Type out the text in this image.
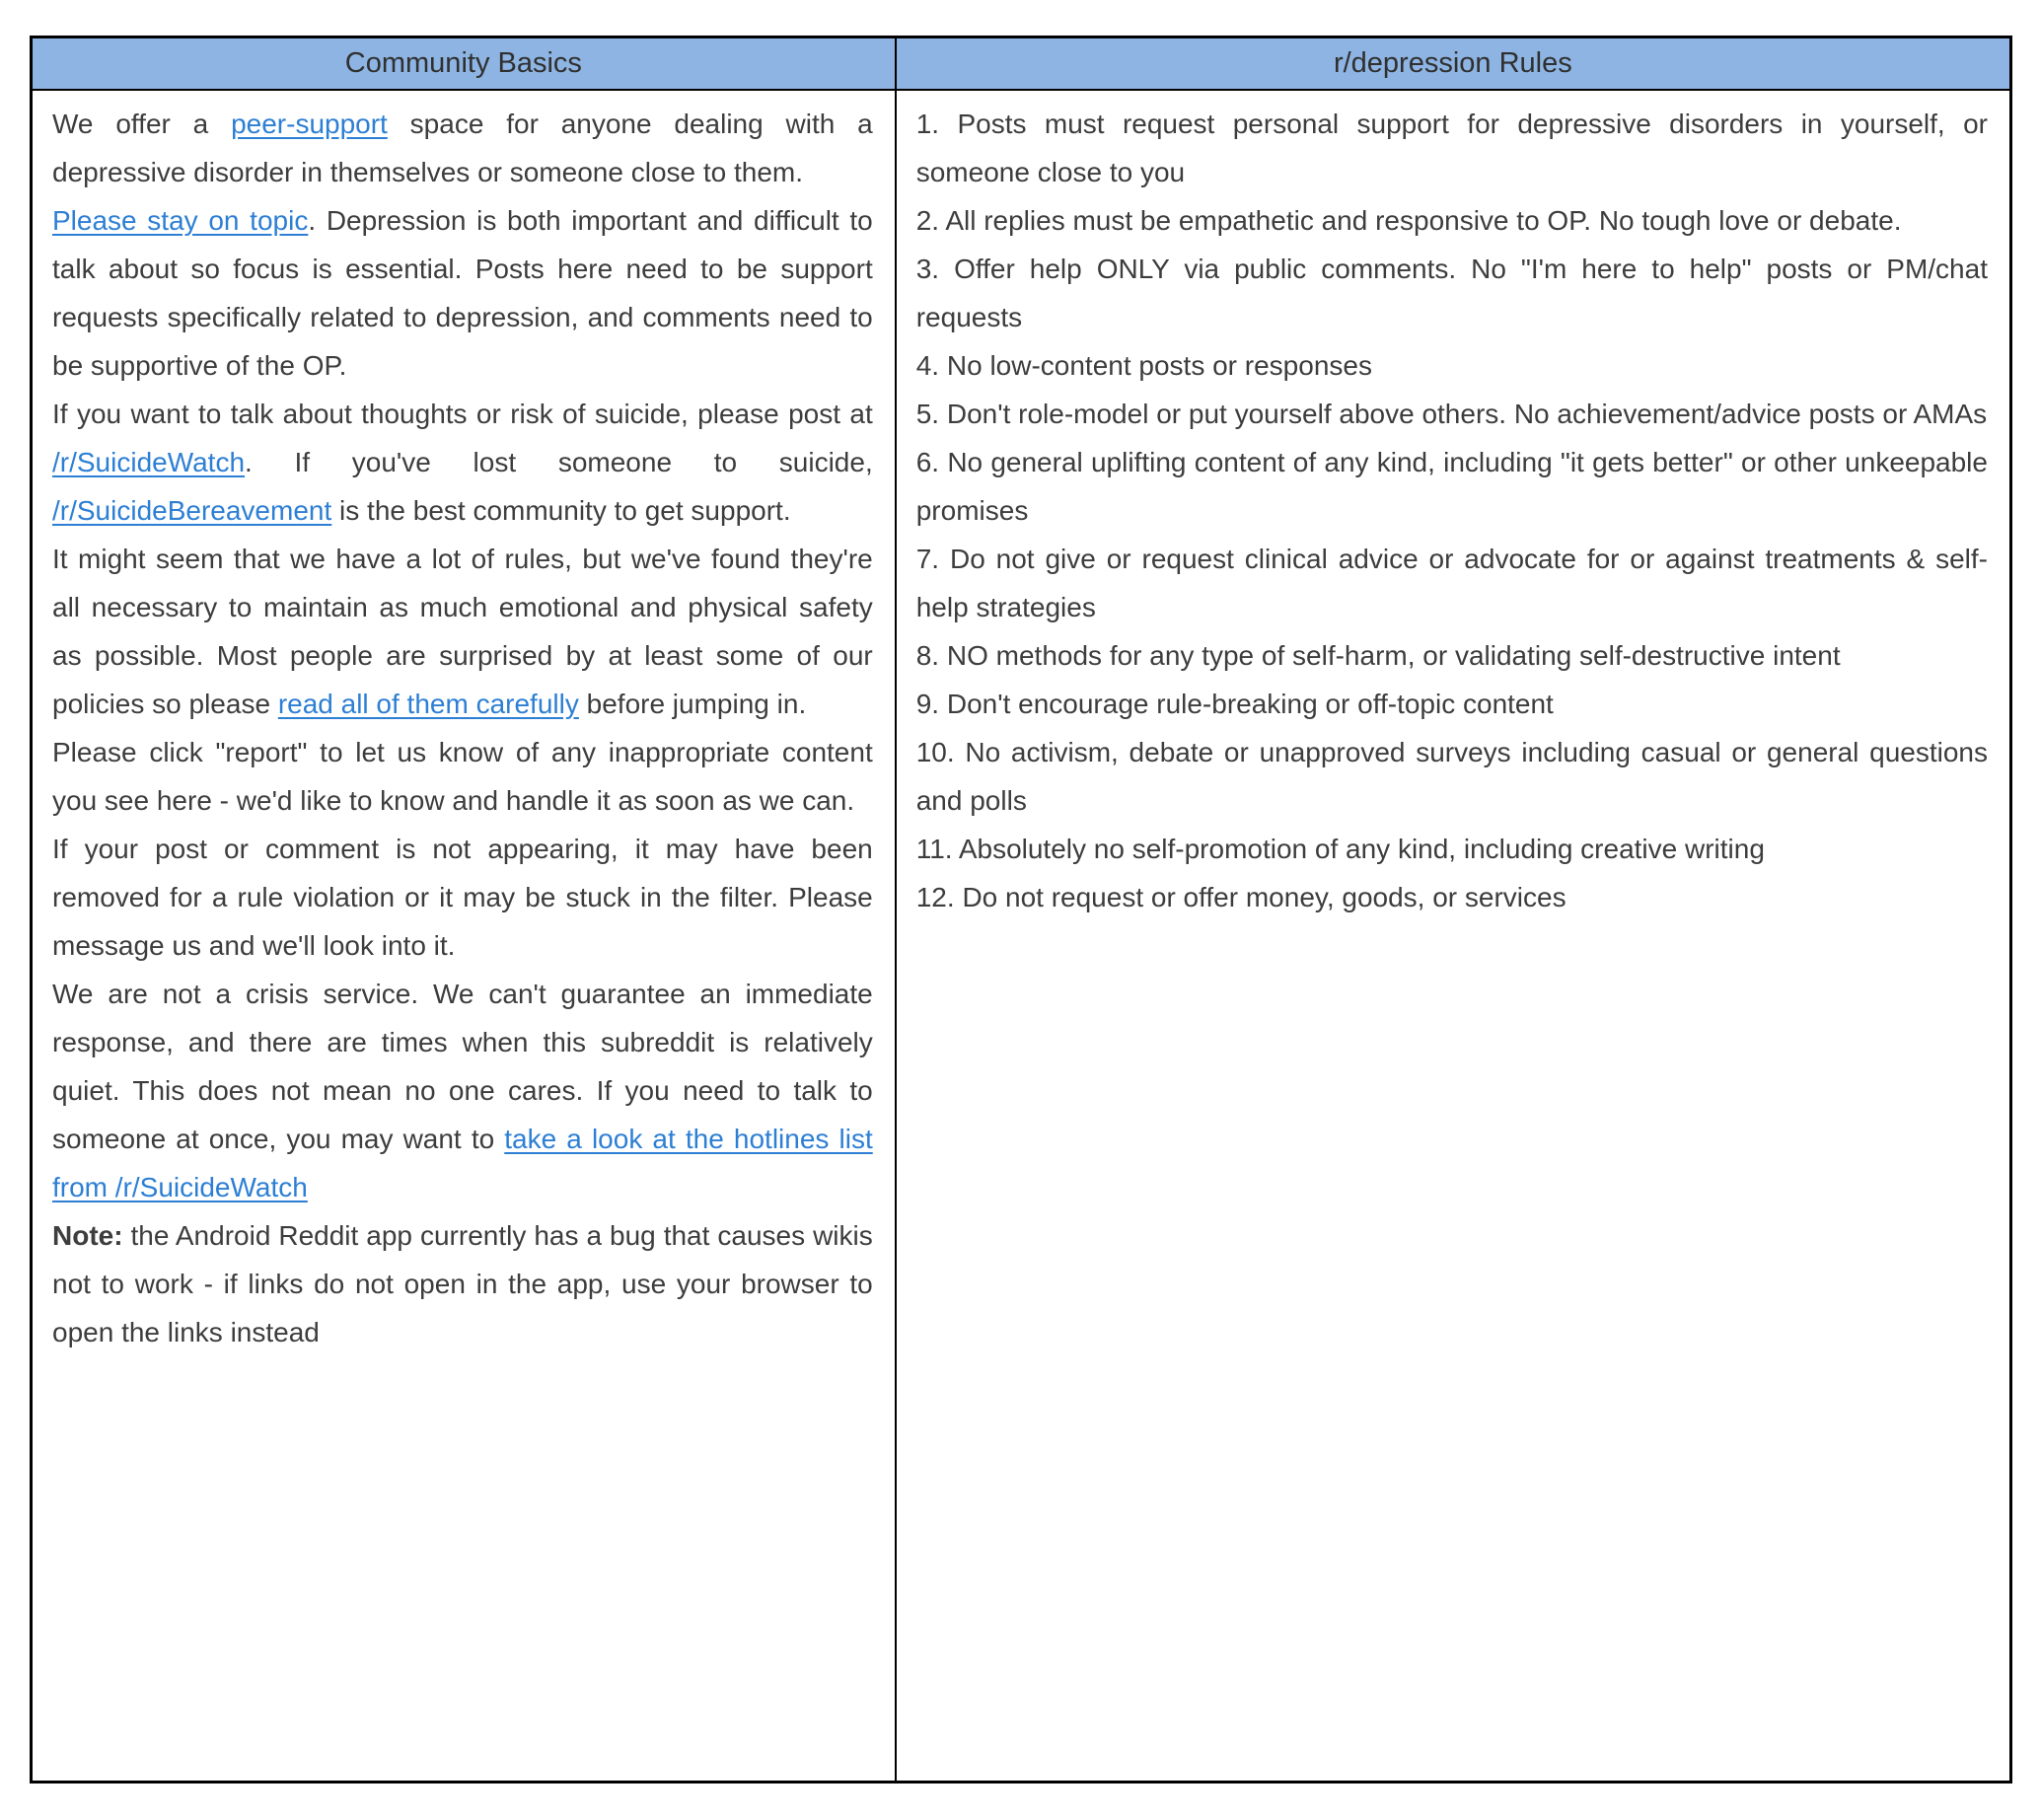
Community Basics	r/depression Rules

We offer a peer-support space for anyone dealing with a depressive disorder in themselves or someone close to them.

Please stay on topic. Depression is both important and difficult to talk about so focus is essential. Posts here need to be support requests specifically related to depression, and comments need to be supportive of the OP.

If you want to talk about thoughts or risk of suicide, please post at /r/SuicideWatch. If you've lost someone to suicide, /r/SuicideBereavement is the best community to get support.

It might seem that we have a lot of rules, but we've found they're all necessary to maintain as much emotional and physical safety as possible. Most people are surprised by at least some of our policies so please read all of them carefully before jumping in.

Please click "report" to let us know of any inappropriate content you see here - we'd like to know and handle it as soon as we can.

If your post or comment is not appearing, it may have been removed for a rule violation or it may be stuck in the filter. Please message us and we'll look into it.

We are not a crisis service. We can't guarantee an immediate response, and there are times when this subreddit is relatively quiet. This does not mean no one cares. If you need to talk to someone at once, you may want to take a look at the hotlines list from /r/SuicideWatch

Note: the Android Reddit app currently has a bug that causes wikis not to work - if links do not open in the app, use your browser to open the links instead

1. Posts must request personal support for depressive disorders in yourself, or someone close to you

2. All replies must be empathetic and responsive to OP. No tough love or debate.

3. Offer help ONLY via public comments. No "I'm here to help" posts or PM/chat requests

4. No low-content posts or responses

5. Don't role-model or put yourself above others. No achievement/advice posts or AMAs

6. No general uplifting content of any kind, including "it gets better" or other unkeepable promises

7. Do not give or request clinical advice or advocate for or against treatments & self-help strategies

8. NO methods for any type of self-harm, or validating self-destructive intent

9. Don't encourage rule-breaking or off-topic content

10. No activism, debate or unapproved surveys including casual or general questions and polls

11. Absolutely no self-promotion of any kind, including creative writing

12. Do not request or offer money, goods, or services
